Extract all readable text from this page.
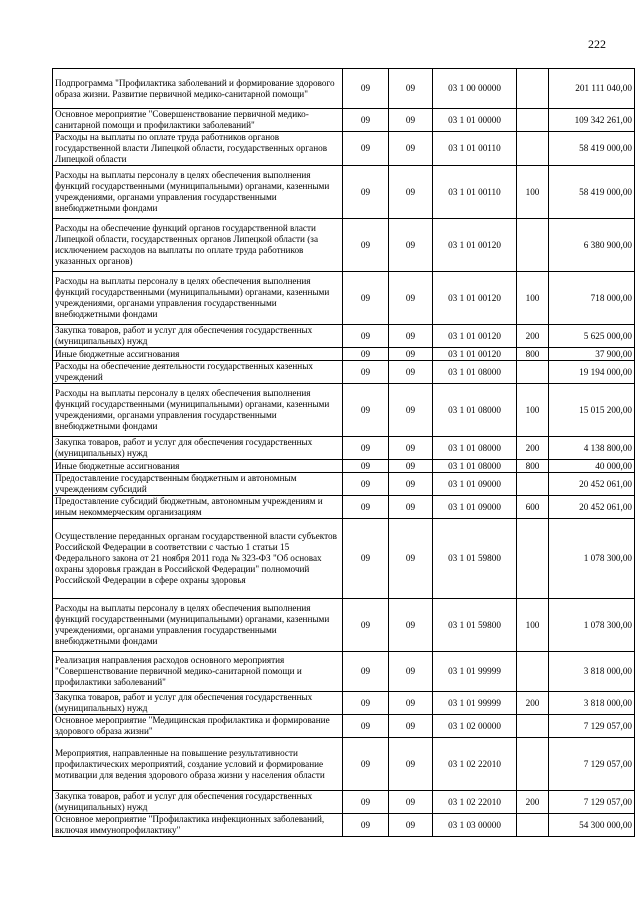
222
Подпрограмма "Профилактика заболеваний и формирование здорового образа жизни. Развитие первичной медико-санитарной помощи"	09	09	03 1 00 00000		201 111 040,00
Основное мероприятие "Совершенствование первичной медико-санитарной помощи и профилактики заболеваний"	09	09	03 1 01 00000		109 342 261,00
Расходы на выплаты по оплате труда работников органов государственной власти Липецкой области, государственных органов Липецкой области	09	09	03 1 01 00110		58 419 000,00
Расходы на выплаты персоналу в целях обеспечения выполнения функций государственными (муниципальными) органами, казенными учреждениями, органами управления государственными внебюджетными фондами	09	09	03 1 01 00110	100	58 419 000,00
Расходы на обеспечение функций органов государственной власти Липецкой области, государственных органов Липецкой области (за исключением расходов на выплаты по оплате труда работников указанных органов)	09	09	03 1 01 00120		6 380 900,00
Расходы на выплаты персоналу в целях обеспечения выполнения функций государственными (муниципальными) органами, казенными учреждениями, органами управления государственными внебюджетными фондами	09	09	03 1 01 00120	100	718 000,00
Закупка товаров, работ и услуг для обеспечения государственных (муниципальных) нужд	09	09	03 1 01 00120	200	5 625 000,00
Иные бюджетные ассигнования	09	09	03 1 01 00120	800	37 900,00
Расходы на обеспечение деятельности государственных казенных учреждений	09	09	03 1 01 08000		19 194 000,00
Расходы на выплаты персоналу в целях обеспечения выполнения функций государственными (муниципальными) органами, казенными учреждениями, органами управления государственными внебюджетными фондами	09	09	03 1 01 08000	100	15 015 200,00
Закупка товаров, работ и услуг для обеспечения государственных (муниципальных) нужд	09	09	03 1 01 08000	200	4 138 800,00
Иные бюджетные ассигнования	09	09	03 1 01 08000	800	40 000,00
Предоставление государственным бюджетным и автономным учреждениям субсидий	09	09	03 1 01 09000		20 452 061,00
Предоставление субсидий бюджетным, автономным учреждениям и иным некоммерческим организациям	09	09	03 1 01 09000	600	20 452 061,00
Осуществление переданных органам государственной власти субъектов Российской Федерации в соответствии с частью 1 статьи 15 Федерального закона от 21 ноября 2011 года № 323-ФЗ "Об основах охраны здоровья граждан в Российской Федерации" полномочий Российской Федерации в сфере охраны здоровья	09	09	03 1 01 59800		1 078 300,00
Расходы на выплаты персоналу в целях обеспечения выполнения функций государственными (муниципальными) органами, казенными учреждениями, органами управления государственными внебюджетными фондами	09	09	03 1 01 59800	100	1 078 300,00
Реализация направления расходов основного мероприятия "Совершенствование первичной медико-санитарной помощи и профилактики заболеваний"	09	09	03 1 01 99999		3 818 000,00
Закупка товаров, работ и услуг для обеспечения государственных (муниципальных) нужд	09	09	03 1 01 99999	200	3 818 000,00
Основное мероприятие "Медицинская профилактика и формирование здорового образа жизни"	09	09	03 1 02 00000		7 129 057,00
Мероприятия, направленные на повышение результативности профилактических мероприятий, создание условий и формирование мотивации для ведения здорового образа жизни у населения области	09	09	03 1 02 22010		7 129 057,00
Закупка товаров, работ и услуг для обеспечения государственных (муниципальных) нужд	09	09	03 1 02 22010	200	7 129 057,00
Основное мероприятие "Профилактика инфекционных заболеваний, включая иммунопрофилактику"	09	09	03 1 03 00000		54 300 000,00
